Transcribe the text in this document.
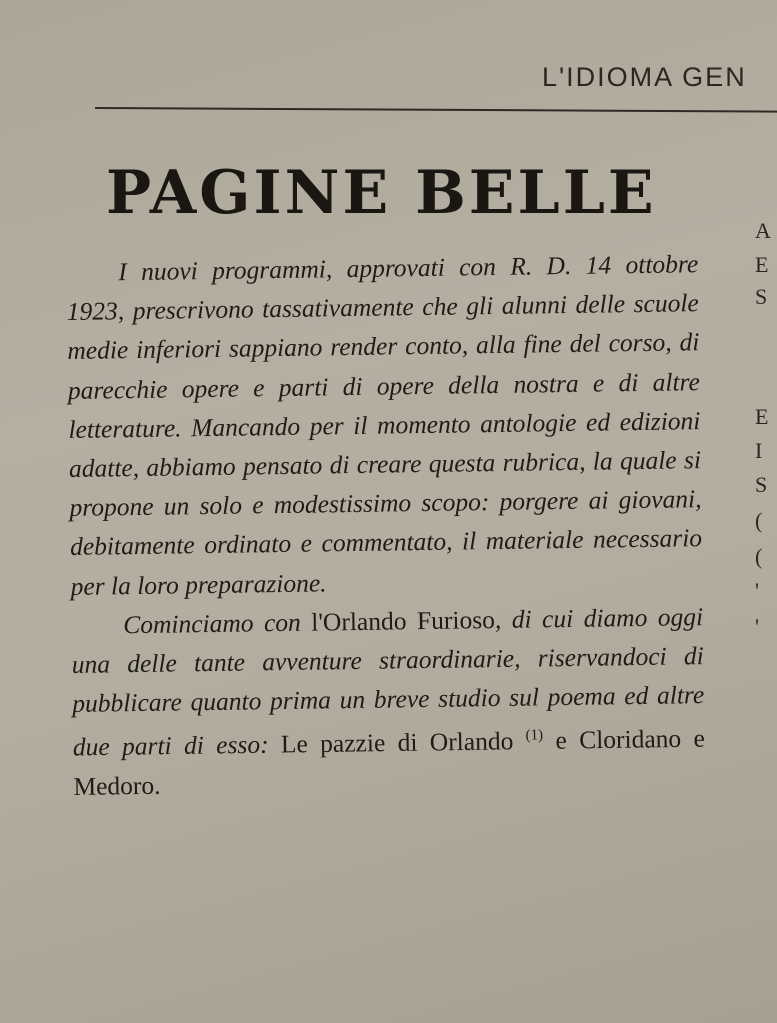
L'IDIOMA GEN
PAGINE BELLE

I nuovi programmi, approvati con R. D. 14 ottobre 1923, prescrivono tassativamente che gli alunni delle scuole medie inferiori sappiano render conto, alla fine del corso, di parecchie opere e parti di opere della nostra e di altre letterature. Mancando per il momento antologie ed edizioni adatte, abbiamo pensato di creare questa rubrica, la quale si propone un solo e modestissimo scopo: porgere ai giovani, debitamente ordinato e commentato, il materiale necessario per la loro preparazione.

Cominciamo con l'Orlando Furioso, di cui diamo oggi una delle tante avventure straordinarie, riservandoci di pubblicare quanto prima un breve studio sul poema ed altre due parti di esso: Le pazzie di Orlando $^{(1)}$ e Cloridano e Medoro.

A
E
S
E
I
S
(
(
'
'
